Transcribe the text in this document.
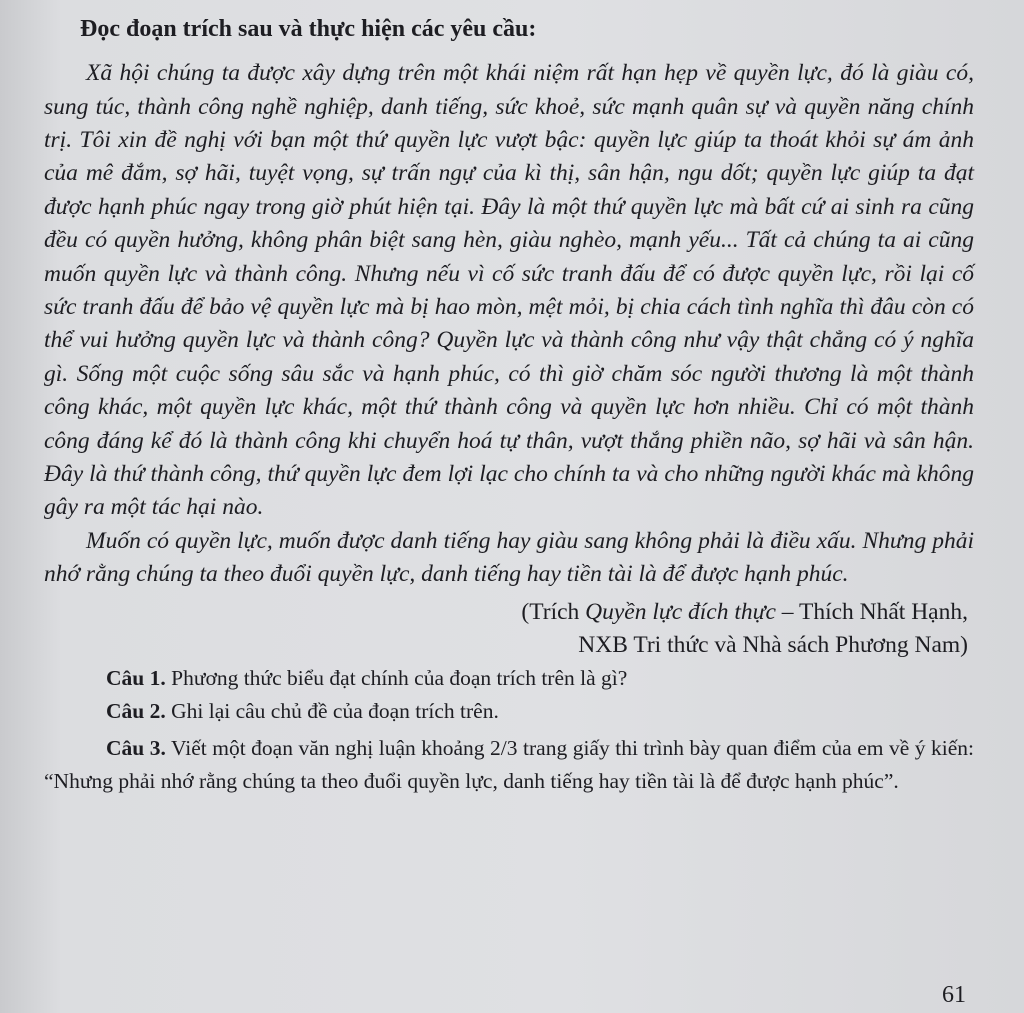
Đọc đoạn trích sau và thực hiện các yêu cầu:

Xã hội chúng ta được xây dựng trên một khái niệm rất hạn hẹp về quyền lực, đó là giàu có, sung túc, thành công nghề nghiệp, danh tiếng, sức khoẻ, sức mạnh quân sự và quyền năng chính trị. Tôi xin đề nghị với bạn một thứ quyền lực vượt bậc: quyền lực giúp ta thoát khỏi sự ám ảnh của mê đắm, sợ hãi, tuyệt vọng, sự trấn ngự của kì thị, sân hận, ngu dốt; quyền lực giúp ta đạt được hạnh phúc ngay trong giờ phút hiện tại. Đây là một thứ quyền lực mà bất cứ ai sinh ra cũng đều có quyền hưởng, không phân biệt sang hèn, giàu nghèo, mạnh yếu... Tất cả chúng ta ai cũng muốn quyền lực và thành công. Nhưng nếu vì cố sức tranh đấu để có được quyền lực, rồi lại cố sức tranh đấu để bảo vệ quyền lực mà bị hao mòn, mệt mỏi, bị chia cách tình nghĩa thì đâu còn có thể vui hưởng quyền lực và thành công? Quyền lực và thành công như vậy thật chẳng có ý nghĩa gì. Sống một cuộc sống sâu sắc và hạnh phúc, có thì giờ chăm sóc người thương là một thành công khác, một quyền lực khác, một thứ thành công và quyền lực hơn nhiều. Chỉ có một thành công đáng kể đó là thành công khi chuyển hoá tự thân, vượt thắng phiền não, sợ hãi và sân hận. Đây là thứ thành công, thứ quyền lực đem lợi lạc cho chính ta và cho những người khác mà không gây ra một tác hại nào.

Muốn có quyền lực, muốn được danh tiếng hay giàu sang không phải là điều xấu. Nhưng phải nhớ rằng chúng ta theo đuổi quyền lực, danh tiếng hay tiền tài là để được hạnh phúc.

(Trích Quyền lực đích thực – Thích Nhất Hạnh,
NXB Tri thức và Nhà sách Phương Nam)
Câu 1. Phương thức biểu đạt chính của đoạn trích trên là gì?
Câu 2. Ghi lại câu chủ đề của đoạn trích trên.
Câu 3. Viết một đoạn văn nghị luận khoảng 2/3 trang giấy thi trình bày quan điểm của em về ý kiến: “Nhưng phải nhớ rằng chúng ta theo đuổi quyền lực, danh tiếng hay tiền tài là để được hạnh phúc”.
61
